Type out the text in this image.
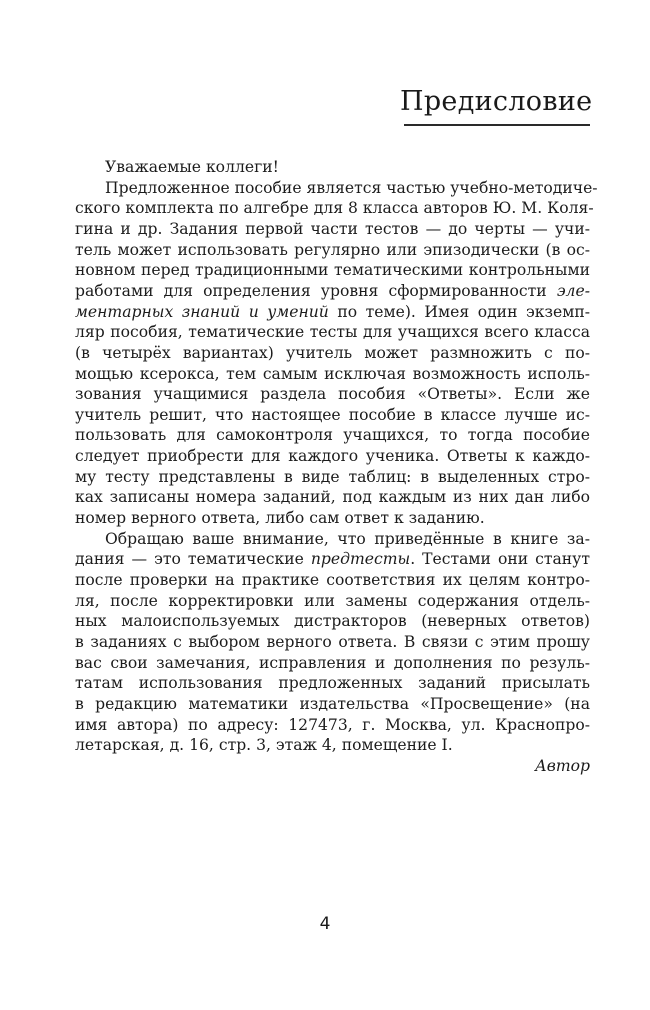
Предисловие
Уважаемые коллеги!
Предложенное пособие является частью учебно-методиче-
ского комплекта по алгебре для 8 класса авторов Ю. М. Коля-
гина и др. Задания первой части тестов — до черты — учи-
тель может использовать регулярно или эпизодически (в ос-
новном перед традиционными тематическими контрольными
работами для определения уровня сформированности эле-
ментарных знаний и умений по теме). Имея один экземп-
ляр пособия, тематические тесты для учащихся всего класса
(в четырёх вариантах) учитель может размножить с по-
мощью ксерокса, тем самым исключая возможность исполь-
зования учащимися раздела пособия «Ответы». Если же
учитель решит, что настоящее пособие в классе лучше ис-
пользовать для самоконтроля учащихся, то тогда пособие
следует приобрести для каждого ученика. Ответы к каждо-
му тесту представлены в виде таблиц: в выделенных стро-
ках записаны номера заданий, под каждым из них дан либо
номер верного ответа, либо сам ответ к заданию.
Обращаю ваше внимание, что приведённые в книге за-
дания — это тематические предтесты. Тестами они станут
после проверки на практике соответствия их целям контро-
ля, после корректировки или замены содержания отдель-
ных малоиспользуемых дистракторов (неверных ответов)
в заданиях с выбором верного ответа. В связи с этим прошу
вас свои замечания, исправления и дополнения по резуль-
татам использования предложенных заданий присылать
в редакцию математики издательства «Просвещение» (на
имя автора) по адресу: 127473, г. Москва, ул. Краснопро-
летарская, д. 16, стр. 3, этаж 4, помещение I.
Автор
4
